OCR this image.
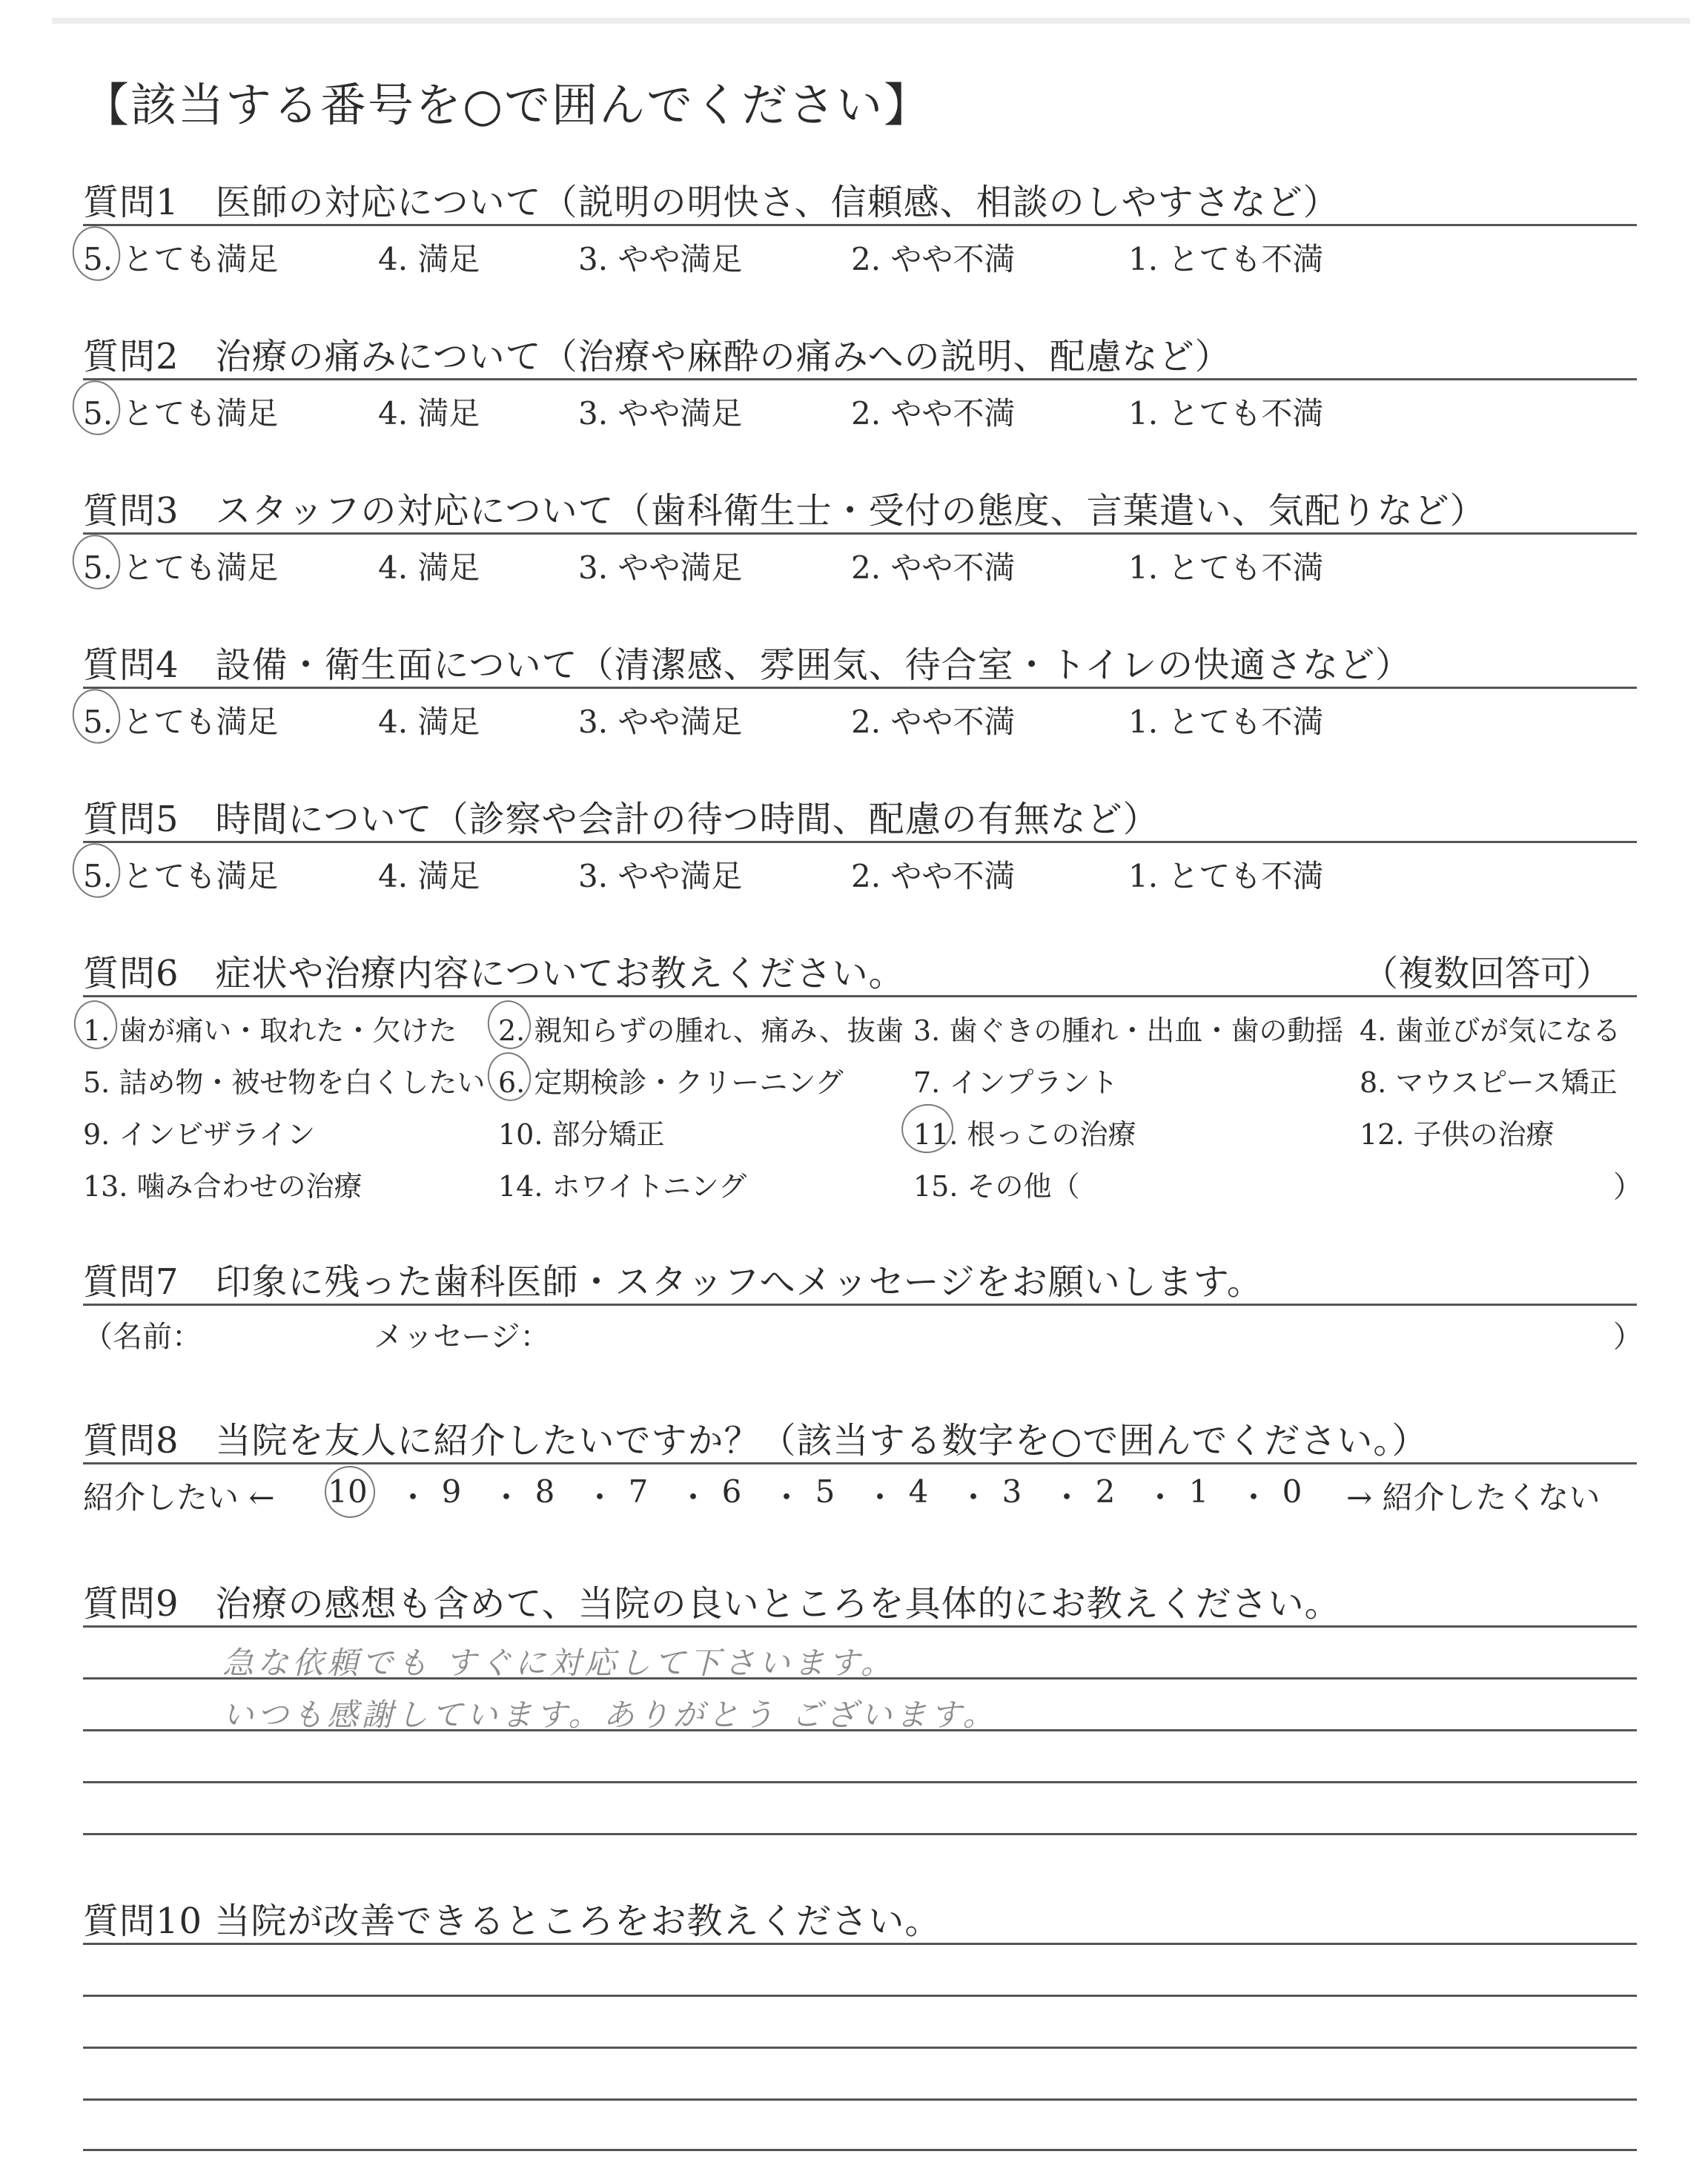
【該当する番号を○で囲んでください】
質問1　医師の対応について（説明の明快さ、信頼感、相談のしやすさなど）
5. とても満足	4. 満足	3. やや満足	2. やや不満	1. とても不満
質問2　治療の痛みについて（治療や麻酔の痛みへの説明、配慮など）
5. とても満足	4. 満足	3. やや満足	2. やや不満	1. とても不満
質問3　スタッフの対応について（歯科衛生士・受付の態度、言葉遣い、気配りなど）
5. とても満足	4. 満足	3. やや満足	2. やや不満	1. とても不満
質問4　設備・衛生面について（清潔感、雰囲気、待合室・トイレの快適さなど）
5. とても満足	4. 満足	3. やや満足	2. やや不満	1. とても不満
質問5　時間について（診察や会計の待つ時間、配慮の有無など）
5. とても満足	4. 満足	3. やや満足	2. やや不満	1. とても不満
質問6　症状や治療内容についてお教えください。	（複数回答可）
1. 歯が痛い・取れた・欠けた 2. 親知らずの腫れ、痛み、抜歯 3. 歯ぐきの腫れ・出血・歯の動揺 4. 歯並びが気になる
5. 詰め物・被せ物を白くしたい 6. 定期検診・クリーニング 7. インプラント	8. マウスピース矯正
9. インビザライン	10. 部分矯正	11. 根っこの治療	12. 子供の治療
13. 噛み合わせの治療	14. ホワイトニング	15. その他（	）
質問7　印象に残った歯科医師・スタッフへメッセージをお願いします。
（名前：	メッセージ：	）
質問8　当院を友人に紹介したいですか？（該当する数字を○で囲んでください。）
紹介したい ← 10 ・ 9 ・ 8 ・ 7 ・ 6 ・ 5 ・ 4 ・ 3 ・ 2 ・ 1 ・ 0	→ 紹介したくない
質問9　治療の感想も含めて、当院の良いところを具体的にお教えください。
急な依頼でも すぐに対応して下さいます。
いつも感謝しています。ありがとう ございます。
質問10 当院が改善できるところをお教えください。
